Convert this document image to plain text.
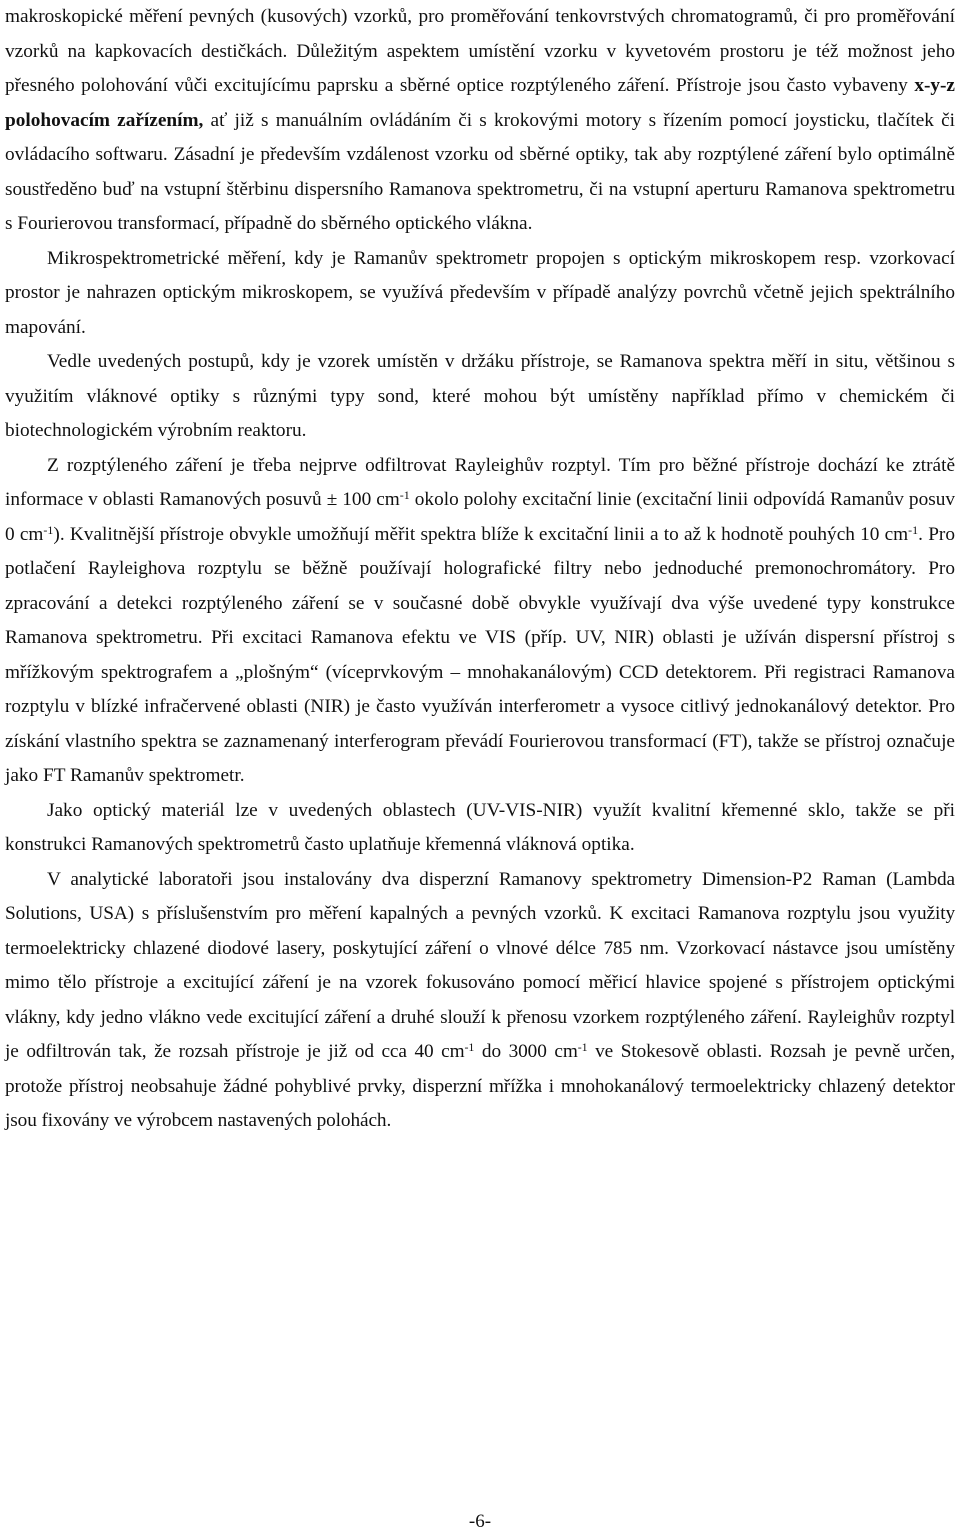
makroskopické měření pevných (kusových) vzorků, pro proměřování tenkovrstvých chromatogramů, či pro proměřování vzorků na kapkovacích destičkách. Důležitým aspektem umístění vzorku v kyvetovém prostoru je též možnost jeho přesného polohování vůči excitujícímu paprsku a sběrné optice rozptýleného záření. Přístroje jsou často vybaveny x-y-z polohovacím zařízením, ať již s manuálním ovládáním či s krokovými motory s řízením pomocí joysticku, tlačítek či ovládacího softwaru. Zásadní je především vzdálenost vzorku od sběrné optiky, tak aby rozptýlené záření bylo optimálně soustředěno buď na vstupní štěrbinu dispersního Ramanova spektrometru, či na vstupní aperturu Ramanova spektrometru s Fourierovou transformací, případně do sběrného optického vlákna.

Mikrospektrometrické měření, kdy je Ramanův spektrometr propojen s optickým mikroskopem resp. vzorkovací prostor je nahrazen optickým mikroskopem, se využívá především v případě analýzy povrchů včetně jejich spektrálního mapování.

Vedle uvedených postupů, kdy je vzorek umístěn v držáku přístroje, se Ramanova spektra měří in situ, většinou s využitím vláknové optiky s různými typy sond, které mohou být umístěny například přímo v chemickém či biotechnologickém výrobním reaktoru.

Z rozptýleného záření je třeba nejprve odfiltrovat Rayleighův rozptyl. Tím pro běžné přístroje dochází ke ztrátě informace v oblasti Ramanových posuvů ± 100 $cm^{-1}$ okolo polohy excitační linie (excitační linii odpovídá Ramanův posuv 0 $cm^{-1}$). Kvalitnější přístroje obvykle umožňují měřit spektra blíže k excitační linii a to až k hodnotě pouhých 10 $cm^{-1}$. Pro potlačení Rayleighova rozptylu se běžně používají holografické filtry nebo jednoduché premonochromátory. Pro zpracování a detekci rozptýleného záření se v současné době obvykle využívají dva výše uvedené typy konstrukce Ramanova spektrometru. Při excitaci Ramanova efektu ve VIS (příp. UV, NIR) oblasti je užíván dispersní přístroj s mřížkovým spektrografem a „plošným“ (víceprvkovým – mnohakanálovým) CCD detektorem. Při registraci Ramanova rozptylu v blízké infračervené oblasti (NIR) je často využíván interferometr a vysoce citlivý jednokanálový detektor. Pro získání vlastního spektra se zaznamenaný interferogram převádí Fourierovou transformací (FT), takže se přístroj označuje jako FT Ramanův spektrometr.

Jako optický materiál lze v uvedených oblastech (UV-VIS-NIR) využít kvalitní křemenné sklo, takže se při konstrukci Ramanových spektrometrů často uplatňuje křemenná vláknová optika.

V analytické laboratoři jsou instalovány dva disperzní Ramanovy spektrometry Dimension-P2 Raman (Lambda Solutions, USA) s příslušenstvím pro měření kapalných a pevných vzorků. K excitaci Ramanova rozptylu jsou využity termoelektricky chlazené diodové lasery, poskytující záření o vlnové délce 785 nm. Vzorkovací nástavce jsou umístěny mimo tělo přístroje a excitující záření je na vzorek fokusováno pomocí měřicí hlavice spojené s přístrojem optickými vlákny, kdy jedno vlákno vede excitující záření a druhé slouží k přenosu vzorkem rozptýleného záření. Rayleighův rozptyl je odfiltrován tak, že rozsah přístroje je již od cca 40 $cm^{-1}$ do 3000 $cm^{-1}$ ve Stokesově oblasti. Rozsah je pevně určen, protože přístroj neobsahuje žádné pohyblivé prvky, disperzní mřížka i mnohokanálový termoelektricky chlazený detektor jsou fixovány ve výrobcem nastavených polohách.

-6-
